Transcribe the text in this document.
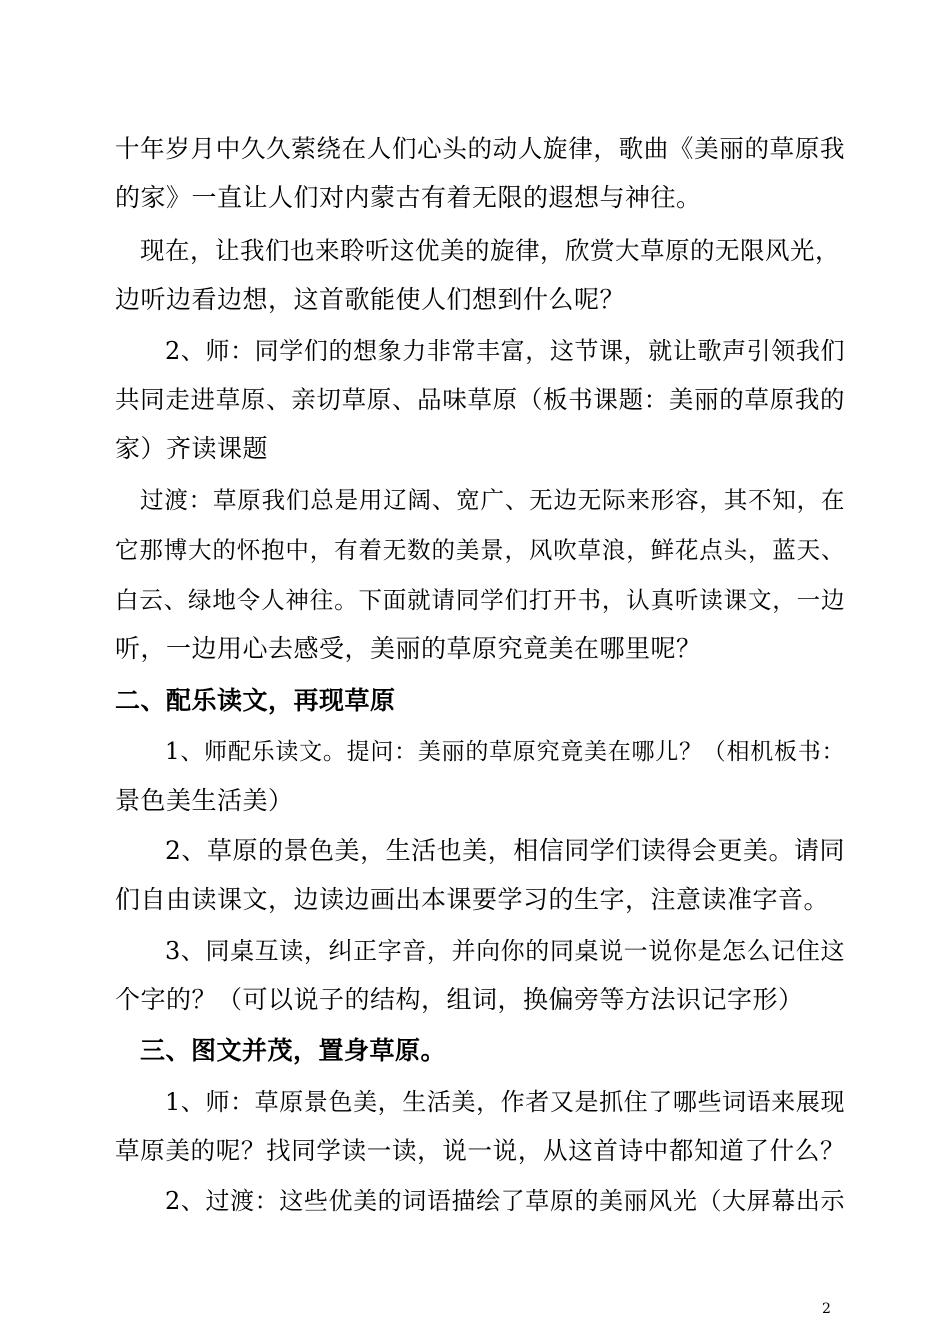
十年岁月中久久萦绕在人们心头的动人旋律，歌曲《美丽的草原我
的家》一直让人们对内蒙古有着无限的遐想与神往。
现在，让我们也来聆听这优美的旋律，欣赏大草原的无限风光，
边听边看边想，这首歌能使人们想到什么呢？
2、师：同学们的想象力非常丰富，这节课，就让歌声引领我们
共同走进草原、亲切草原、品味草原（板书课题：美丽的草原我的
家）齐读课题
过渡：草原我们总是用辽阔、宽广、无边无际来形容，其不知，在
它那博大的怀抱中，有着无数的美景，风吹草浪，鲜花点头，蓝天、
白云、绿地令人神往。下面就请同学们打开书，认真听读课文，一边
听，一边用心去感受，美丽的草原究竟美在哪里呢？
二、配乐读文，再现草原
1、师配乐读文。提问：美丽的草原究竟美在哪儿？（相机板书：
景色美生活美）
2、草原的景色美，生活也美，相信同学们读得会更美。请同
们自由读课文，边读边画出本课要学习的生字，注意读准字音。
3、同桌互读，纠正字音，并向你的同桌说一说你是怎么记住这
个字的？（可以说子的结构，组词，换偏旁等方法识记字形）
三、图文并茂，置身草原。
1、师：草原景色美，生活美，作者又是抓住了哪些词语来展现
草原美的呢？找同学读一读，说一说，从这首诗中都知道了什么？
2、过渡：这些优美的词语描绘了草原的美丽风光（大屏幕出示
2
